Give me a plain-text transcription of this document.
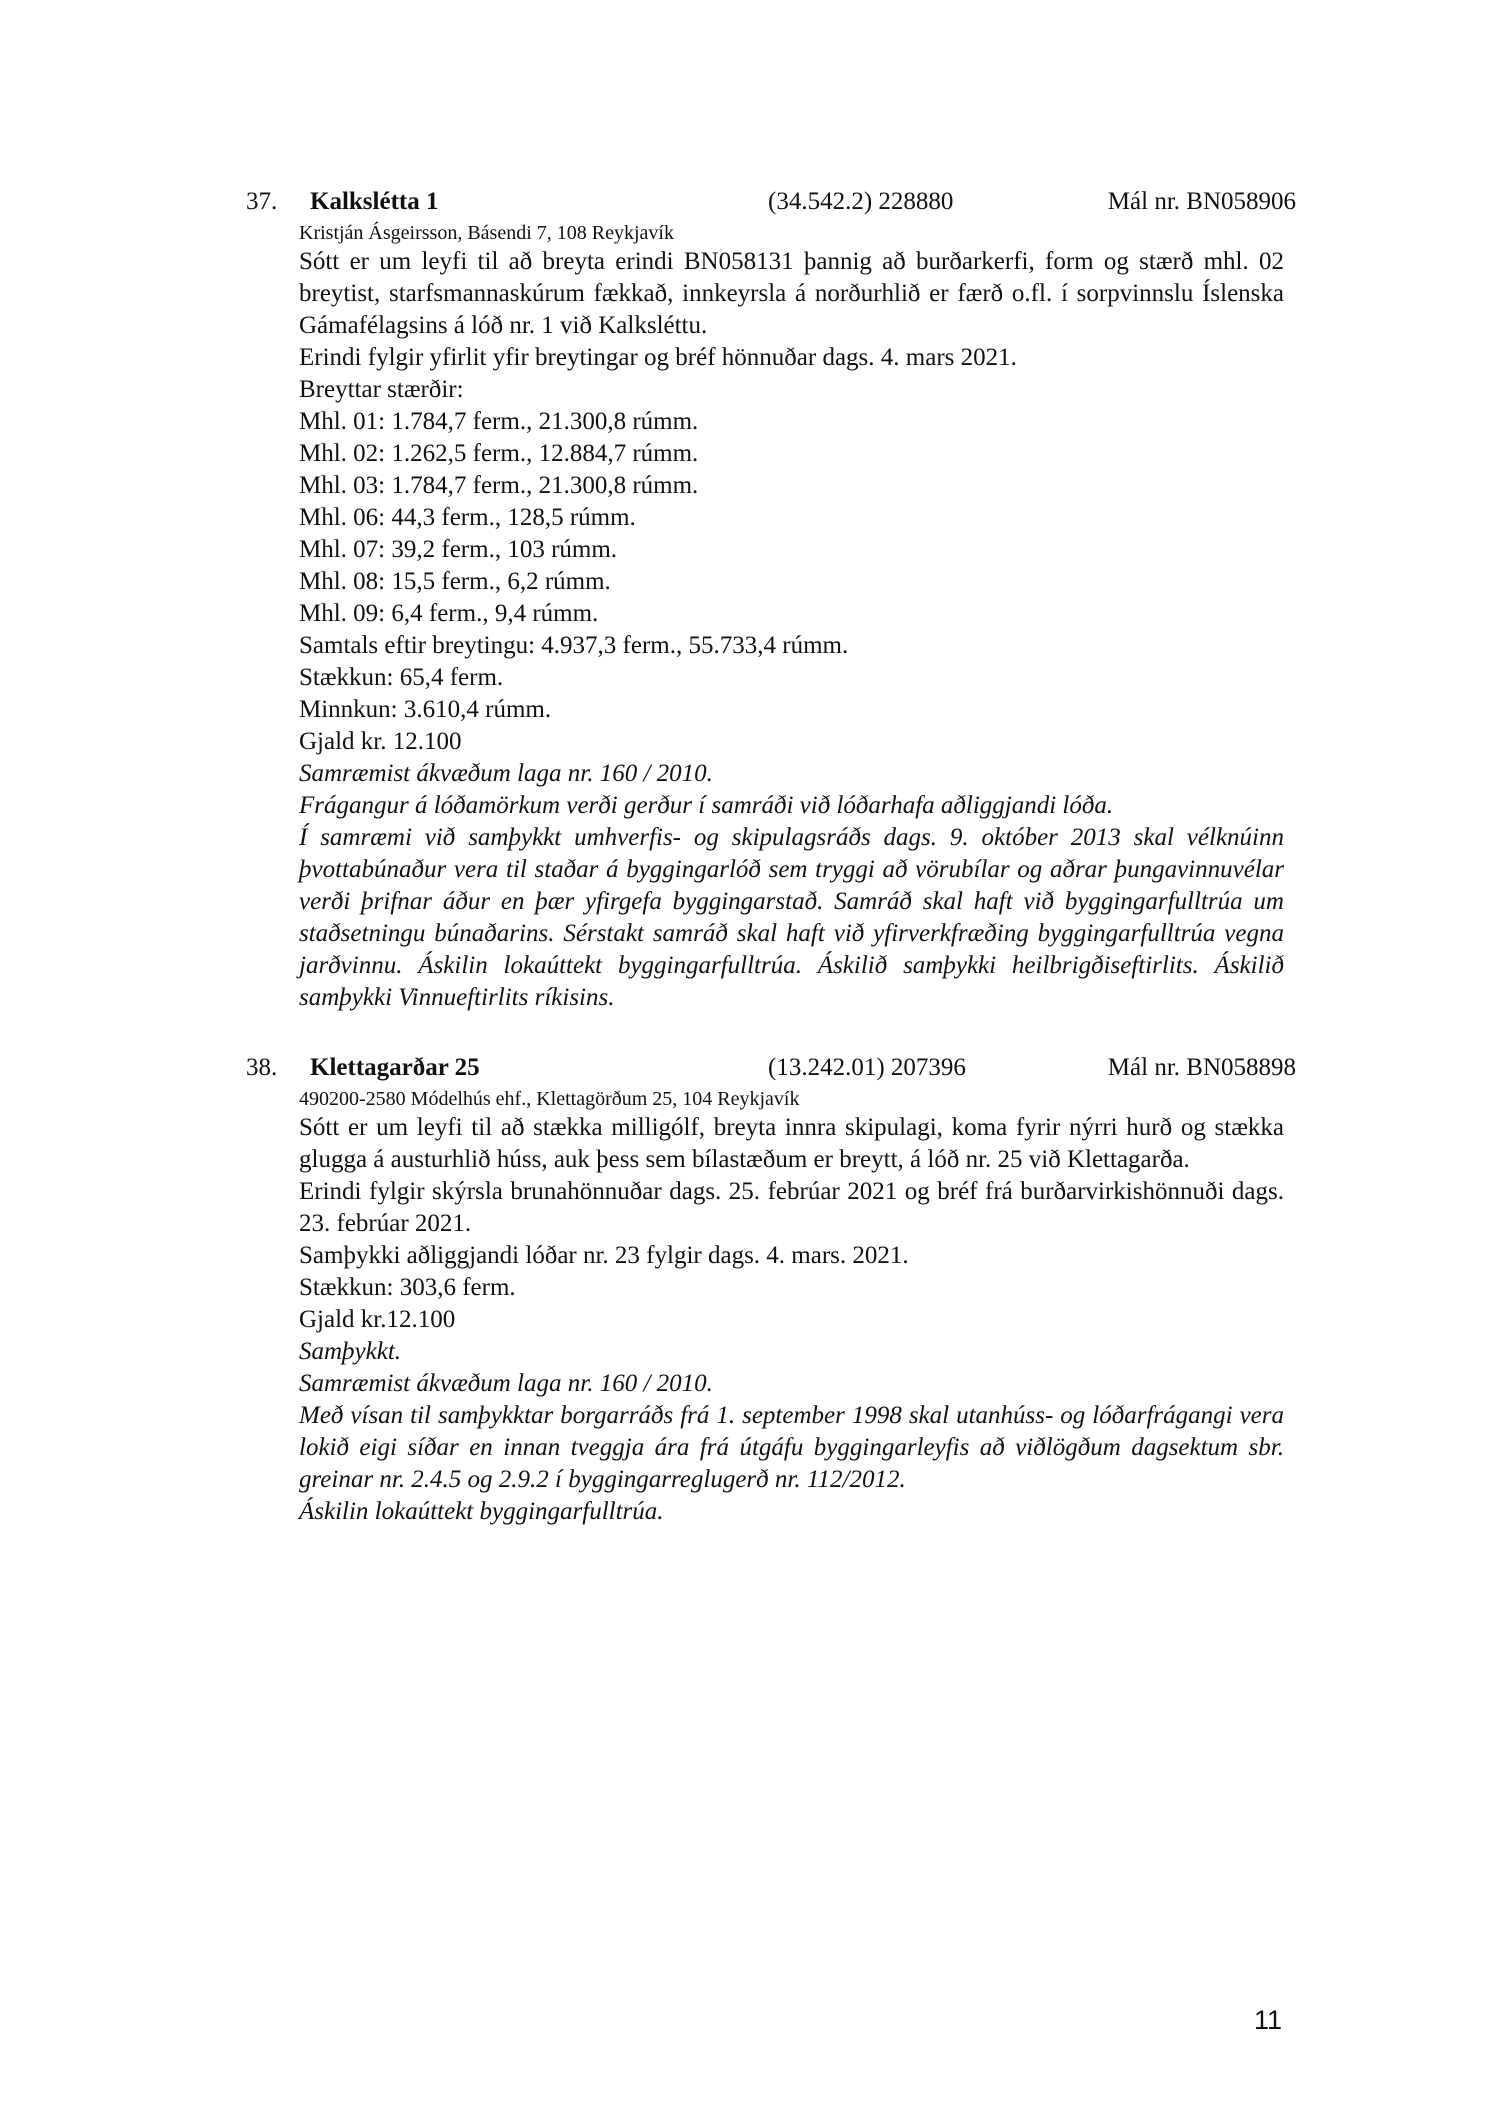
37. Kalkslétta 1	(34.542.2) 228880	Mál nr. BN058906
Kristján Ásgeirsson, Básendi 7, 108 Reykjavík

Sótt er um leyfi til að breyta erindi BN058131 þannig að burðarkerfi, form og stærð mhl. 02 breytist, starfsmannaskúrum fækkað, innkeyrsla á norðurhlið er færð o.fl. í sorpvinnslu Íslenska Gámafélagsins á lóð nr. 1 við Kalksléttu.

Erindi fylgir yfirlit yfir breytingar og bréf hönnuðar dags. 4. mars 2021.

Breyttar stærðir:

Mhl. 01: 1.784,7 ferm., 21.300,8 rúmm.

Mhl. 02: 1.262,5 ferm., 12.884,7 rúmm.

Mhl. 03: 1.784,7 ferm., 21.300,8 rúmm.

Mhl. 06: 44,3 ferm., 128,5 rúmm.

Mhl. 07: 39,2 ferm., 103 rúmm.

Mhl. 08: 15,5 ferm., 6,2 rúmm.

Mhl. 09: 6,4 ferm., 9,4 rúmm.

Samtals eftir breytingu: 4.937,3 ferm., 55.733,4 rúmm.

Stækkun: 65,4 ferm.

Minnkun: 3.610,4 rúmm.

Gjald kr. 12.100

Samræmist ákvæðum laga nr. 160 / 2010.

Frágangur á lóðamörkum verði gerður í samráði við lóðarhafa aðliggjandi lóða.

Í samræmi við samþykkt umhverfis- og skipulagsráðs dags. 9. október 2013 skal vélknúinn þvottabúnaður vera til staðar á byggingarlóð sem tryggi að vörubílar og aðrar þungavinnuvélar verði þrifnar áður en þær yfirgefa byggingarstað. Samráð skal haft við byggingarfulltrúa um staðsetningu búnaðarins. Sérstakt samráð skal haft við yfirverkfræðing byggingarfulltrúa vegna jarðvinnu. Áskilin lokaúttekt byggingarfulltrúa. Áskilið samþykki heilbrigðiseftirlits. Áskilið samþykki Vinnueftirlits ríkisins.

38. Klettagarðar 25	(13.242.01) 207396	Mál nr. BN058898
490200-2580 Módelhús ehf., Klettagörðum 25, 104 Reykjavík

Sótt er um leyfi til að stækka milligólf, breyta innra skipulagi, koma fyrir nýrri hurð og stækka glugga á austurhlið húss, auk þess sem bílastæðum er breytt, á lóð nr. 25 við Klettagarða.

Erindi fylgir skýrsla brunahönnuðar dags. 25. febrúar 2021 og bréf frá burðarvirkishönnuði dags. 23. febrúar 2021.

Samþykki aðliggjandi lóðar nr. 23 fylgir dags. 4. mars. 2021.

Stækkun: 303,6 ferm.

Gjald kr.12.100

Samþykkt.

Samræmist ákvæðum laga nr. 160 / 2010.

Með vísan til samþykktar borgarráðs frá 1. september 1998 skal utanhúss- og lóðarfrágangi vera lokið eigi síðar en innan tveggja ára frá útgáfu byggingarleyfis að viðlögðum dagsektum sbr. greinar nr. 2.4.5 og 2.9.2 í byggingarreglugerð nr. 112/2012.

Áskilin lokaúttekt byggingarfulltrúa.

11
